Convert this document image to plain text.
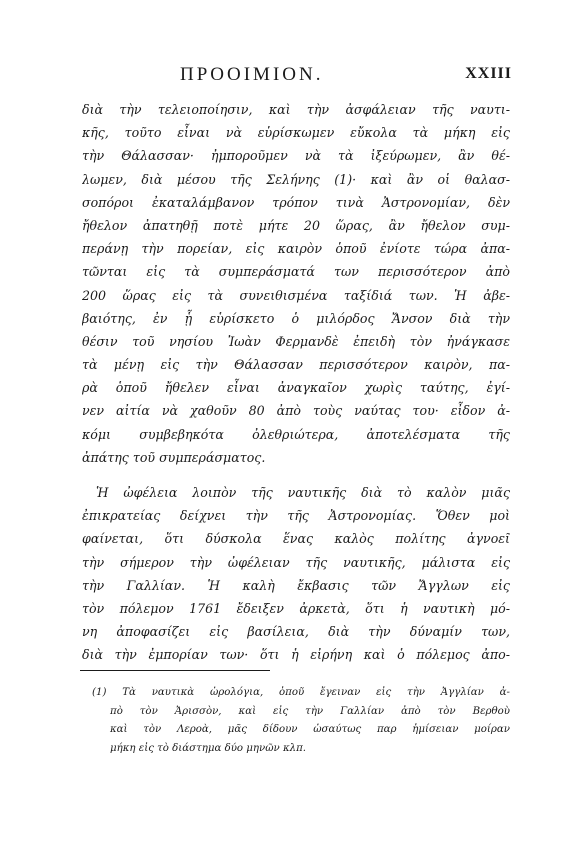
ΠΡΟΟΙΜΙΟΝ.	XXIII
διὰ τὴν τελειοποίησιν, καὶ τὴν ἀσφάλειαν τῆς ναυτι-
κῆς, τοῦτο εἶναι νὰ εὑρίσκωμεν εὔκολα τὰ μήκη εἰς
τὴν Θάλασσαν· ἠμποροῦμεν νὰ τὰ ἰξεύρωμεν, ἂν θέ-
λωμεν, διὰ μέσου τῆς Σελήνης (1)· καὶ ἂν οἱ θαλασ-
σοπόροι ἐκαταλάμβανον τρόπον τινὰ Ἀστρονομίαν, δὲν
ἤθελον ἀπατηθῇ ποτὲ μήτε 20 ὥρας, ἂν ἤθελον συμ-
περάνῃ τὴν πορείαν, εἰς καιρὸν ὁποῦ ἐνίοτε τώρα ἀπα-
τῶνται εἰς τὰ συμπεράσματά των περισσότερον ἀπὸ
200 ὥρας εἰς τὰ συνειθισμένα ταξίδιά των. Ἡ ἀβε-
βαιότης, ἐν ᾗ εὑρίσκετο ὁ μιλόρδος Ἄνσον διὰ τὴν
θέσιν τοῦ νησίου Ἰωὰν Φερμανδὲ ἐπειδὴ τὸν ἠνάγκασε
τὰ μένῃ εἰς τὴν Θάλασσαν περισσότερον καιρὸν, πα-
ρὰ ὁποῦ ἤθελεν εἶναι ἀναγκαῖον χωρὶς ταύτης, ἐγί-
νεν αἰτία νὰ χαθοῦν 80 ἀπὸ τοὺς ναύτας του· εἶδον ἀ-
κόμι συμβεβηκότα ὀλεθριώτερα, ἀποτελέσματα τῆς
ἀπάτης τοῦ συμπεράσματος.
Ἡ ὠφέλεια λοιπὸν τῆς ναυτικῆς διὰ τὸ καλὸν μιᾶς
ἐπικρατείας δείχνει τὴν τῆς Ἀστρονομίας. Ὅθεν μοὶ
φαίνεται, ὅτι δύσκολα ἕνας καλὸς πολίτης ἀγνοεῖ
τὴν σήμερον τὴν ὠφέλειαν τῆς ναυτικῆς, μάλιστα εἰς
τὴν Γαλλίαν. Ἡ καλὴ ἔκβασις τῶν Ἄγγλων εἰς
τὸν πόλεμον 1761 ἔδειξεν ἀρκετὰ, ὅτι ἡ ναυτικὴ μό-
νη ἀποφασίζει εἰς βασίλεια, διὰ τὴν δύναμίν των,
διὰ τὴν ἐμπορίαν των· ὅτι ἡ εἰρήνη καὶ ὁ πόλεμος ἀπο-
(1) Τὰ ναυτικὰ ὡρολόγια, ὁποῦ ἔγειναν εἰς τὴν Ἀγγλίαν ἀ-
πὸ τὸν Ἀρισσὸν, καὶ εἰς τὴν Γαλλίαν ἀπὸ τὸν Βερθοὺ
καὶ τὸν Λεροὰ, μᾶς δίδουν ὡσαύτως παρ ἡμίσειαν μοίραν
μήκη εἰς τὸ διάστημα δύο μηνῶν κλπ.
